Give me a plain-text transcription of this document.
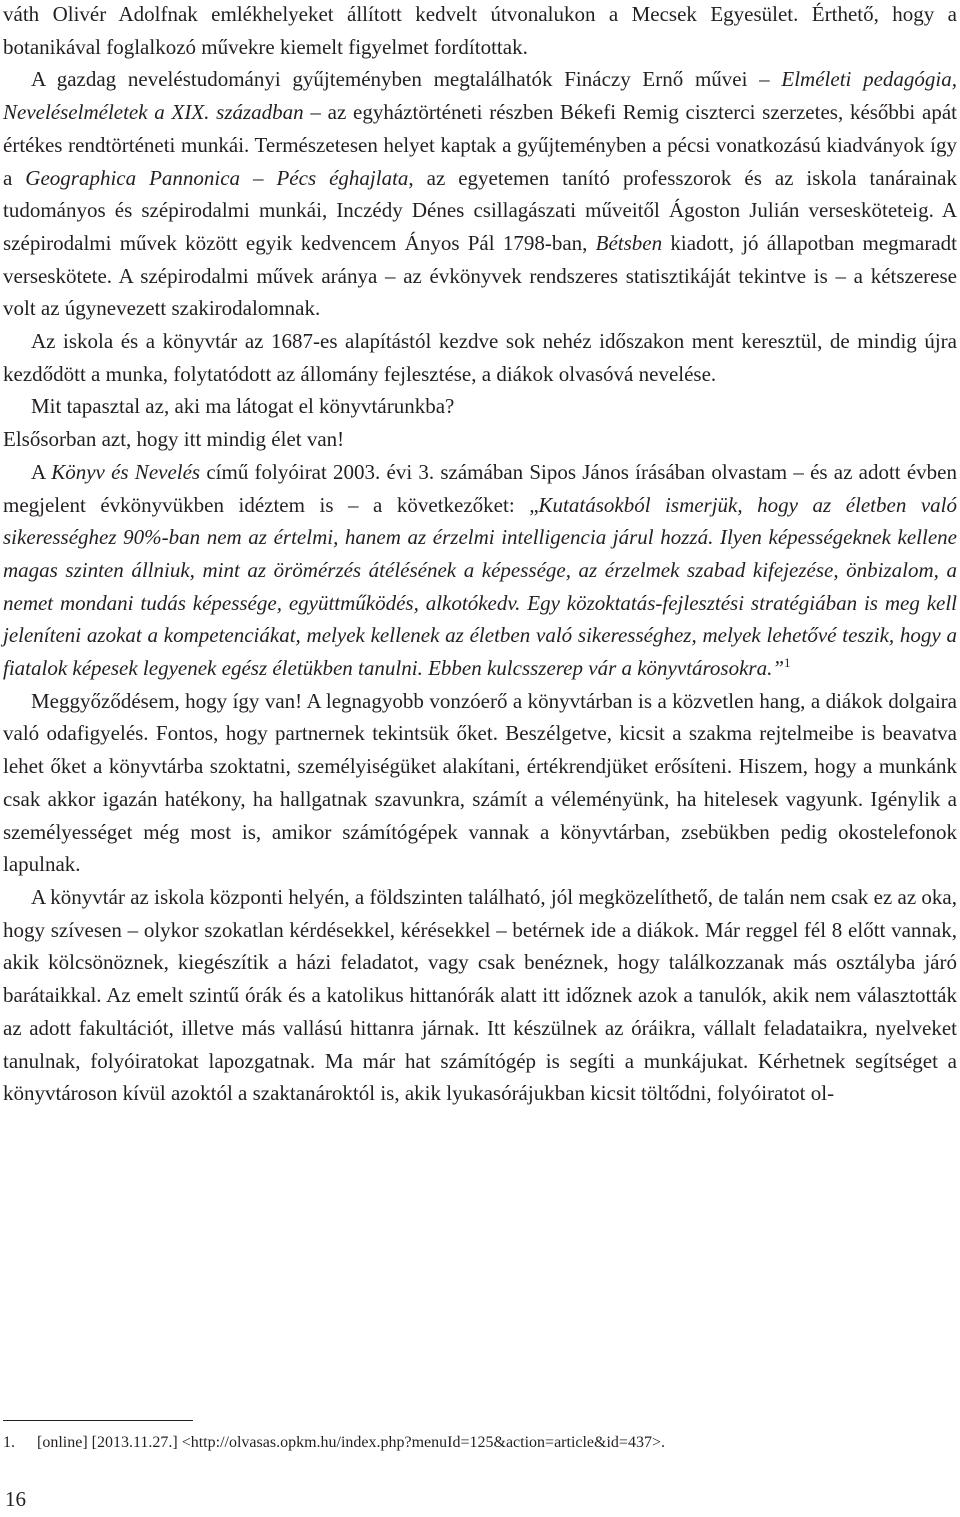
váth Olivér Adolfnak emlékhelyeket állított kedvelt útvonalukon a Mecsek Egyesület. Érthető, hogy a botanikával foglalkozó művekre kiemelt figyelmet fordítottak.

A gazdag neveléstudományi gyűjteményben megtalálhatók Fináczy Ernő művei – Elméleti pedagógia, Neveléselméletek a XIX. században – az egyháztörténeti részben Békefi Remig ciszterci szerzetes, későbbi apát értékes rendtörténeti munkái. Természetesen helyet kaptak a gyűjteményben a pécsi vonatkozású kiadványok így a Geographica Pannonica – Pécs éghajlata, az egyetemen tanító professzorok és az iskola tanárainak tudományos és szépirodalmi munkái, Inczédy Dénes csillagászati műveitől Ágoston Julián versesköteteig. A szépirodalmi művek között egyik kedvencem Ányos Pál 1798-ban, Bétsben kiadott, jó állapotban megmaradt verseskötete. A szépirodalmi művek aránya – az évkönyvek rendszeres statisztikáját tekintve is – a kétszerese volt az úgynevezett szakirodalomnak.

Az iskola és a könyvtár az 1687-es alapítástól kezdve sok nehéz időszakon ment keresztül, de mindig újra kezdődött a munka, folytatódott az állomány fejlesztése, a diákok olvasóvá nevelése.

Mit tapasztal az, aki ma látogat el könyvtárunkba?

Elsősorban azt, hogy itt mindig élet van!

A Könyv és Nevelés című folyóirat 2003. évi 3. számában Sipos János írásában olvastam – és az adott évben megjelent évkönyvükben idéztem is – a következőket: „Kutatásokból ismerjük, hogy az életben való sikerességhez 90%-ban nem az értelmi, hanem az érzelmi intelligencia járul hozzá. Ilyen képességeknek kellene magas szinten állniuk, mint az örömérzés átélésének a képessége, az érzelmek szabad kifejezése, önbizalom, a nemet mondani tudás képessége, együttműködés, alkotókedv. Egy közoktatás-fejlesztési stratégiában is meg kell jeleníteni azokat a kompetenciákat, melyek kellenek az életben való sikerességhez, melyek lehetővé teszik, hogy a fiatalok képesek legyenek egész életükben tanulni. Ebben kulcsszerep vár a könyvtárosokra.”$^1$

Meggyőződésem, hogy így van! A legnagyobb vonzóerő a könyvtárban is a közvetlen hang, a diákok dolgaira való odafigyelés. Fontos, hogy partnernek tekintsük őket. Beszélgetve, kicsit a szakma rejtelmeibe is beavatva lehet őket a könyvtárba szoktatni, személyiségüket alakítani, értékrendjüket erősíteni. Hiszem, hogy a munkánk csak akkor igazán hatékony, ha hallgatnak szavunkra, számít a véleményünk, ha hitelesek vagyunk. Igénylik a személyességet még most is, amikor számítógépek vannak a könyvtárban, zsebükben pedig okostelefonok lapulnak.

A könyvtár az iskola központi helyén, a földszinten található, jól megközelíthető, de talán nem csak ez az oka, hogy szívesen – olykor szokatlan kérdésekkel, kérésekkel – betérnek ide a diákok. Már reggel fél 8 előtt vannak, akik kölcsönöznek, kiegészítik a házi feladatot, vagy csak benéznek, hogy találkozzanak más osztályba járó barátaikkal. Az emelt szintű órák és a katolikus hittanórák alatt itt időznek azok a tanulók, akik nem választották az adott fakultációt, illetve más vallású hittanra járnak. Itt készülnek az óráikra, vállalt feladataikra, nyelveket tanulnak, folyóiratokat lapozgatnak. Ma már hat számítógép is segíti a munkájukat. Kérhetnek segítséget a könyvtároson kívül azoktól a szaktanároktól is, akik lyukasórájukban kicsit töltődni, folyóiratot ol-

1. [online] [2013.11.27.] <http://olvasas.opkm.hu/index.php?menuId=125&action=article&id=437>.
16
